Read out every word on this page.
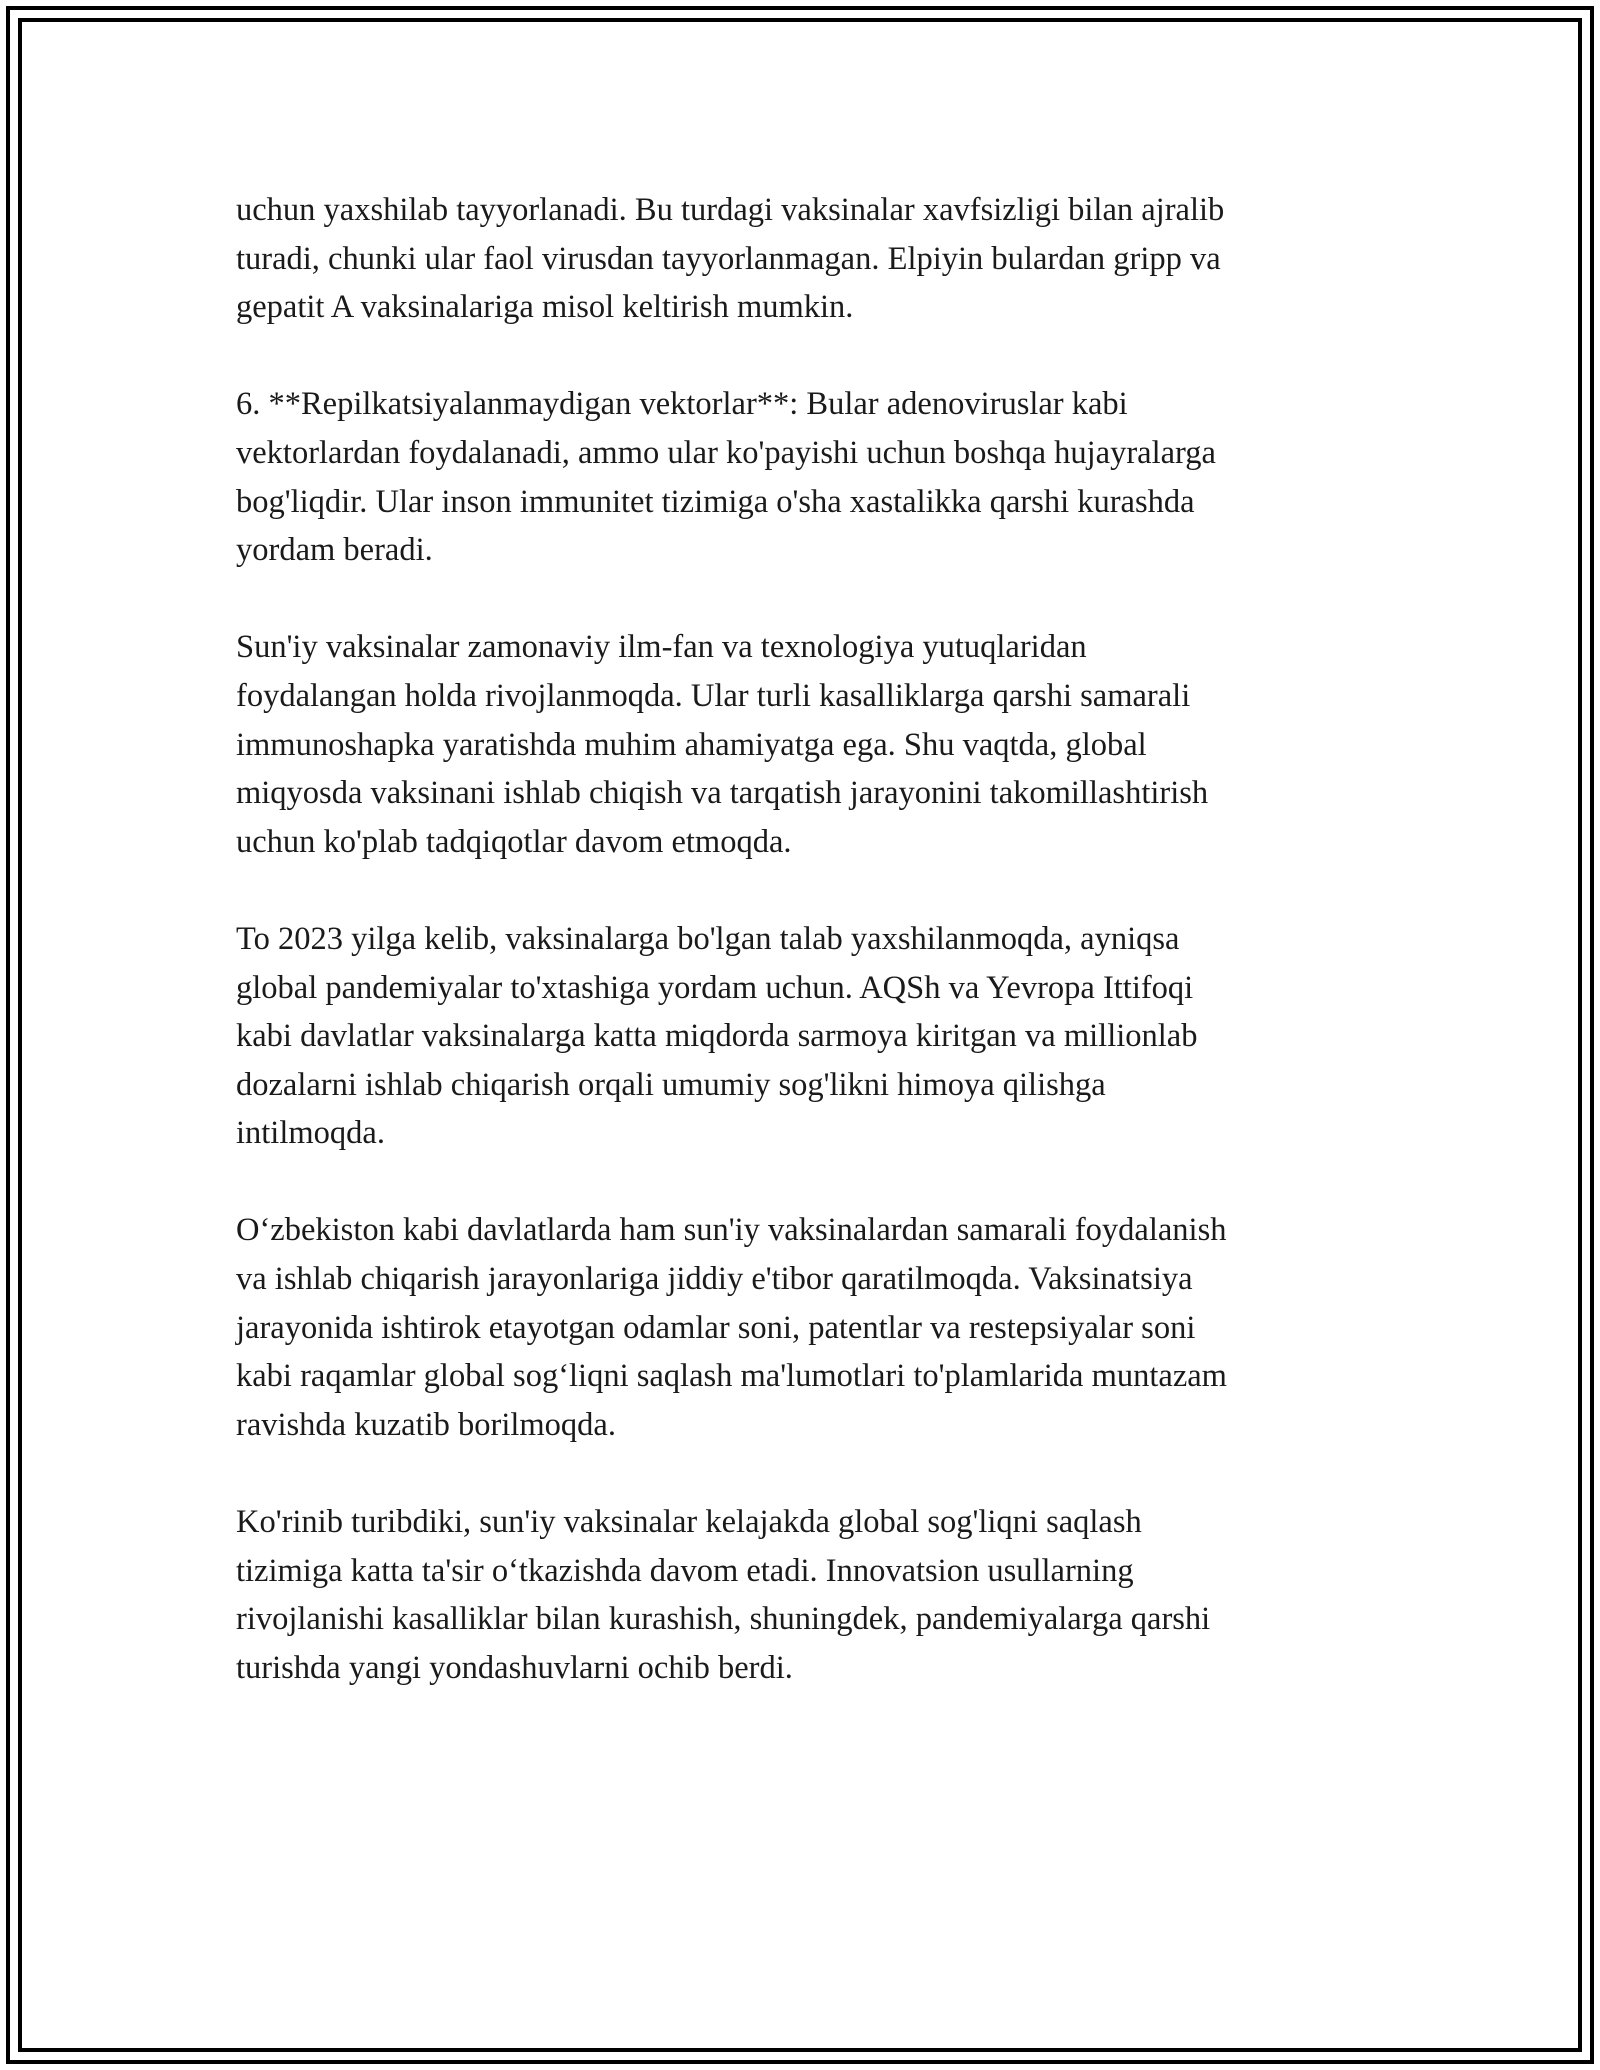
uchun yaxshilab tayyorlanadi. Bu turdagi vaksinalar xavfsizligi bilan ajralib
turadi, chunki ular faol virusdan tayyorlanmagan. Elpiyin bulardan gripp va
gepatit A vaksinalariga misol keltirish mumkin.

6. **Repilkatsiyalanmaydigan vektorlar**: Bular adenoviruslar kabi
vektorlardan foydalanadi, ammo ular ko'payishi uchun boshqa hujayralarga
bog'liqdir. Ular inson immunitet tizimiga o'sha xastalikka qarshi kurashda
yordam beradi.

Sun'iy vaksinalar zamonaviy ilm-fan va texnologiya yutuqlaridan
foydalangan holda rivojlanmoqda. Ular turli kasalliklarga qarshi samarali
immunoshapka yaratishda muhim ahamiyatga ega. Shu vaqtda, global
miqyosda vaksinani ishlab chiqish va tarqatish jarayonini takomillashtirish
uchun ko'plab tadqiqotlar davom etmoqda.

To 2023 yilga kelib, vaksinalarga bo'lgan talab yaxshilanmoqda, ayniqsa
global pandemiyalar to'xtashiga yordam uchun. AQSh va Yevropa Ittifoqi
kabi davlatlar vaksinalarga katta miqdorda sarmoya kiritgan va millionlab
dozalarni ishlab chiqarish orqali umumiy sog'likni himoya qilishga
intilmoqda.

O‘zbekiston kabi davlatlarda ham sun'iy vaksinalardan samarali foydalanish
va ishlab chiqarish jarayonlariga jiddiy e'tibor qaratilmoqda. Vaksinatsiya
jarayonida ishtirok etayotgan odamlar soni, patentlar va restepsiyalar soni
kabi raqamlar global sog‘liqni saqlash ma'lumotlari to'plamlarida muntazam
ravishda kuzatib borilmoqda.

Ko'rinib turibdiki, sun'iy vaksinalar kelajakda global sog'liqni saqlash
tizimiga katta ta'sir o‘tkazishda davom etadi. Innovatsion usullarning
rivojlanishi kasalliklar bilan kurashish, shuningdek, pandemiyalarga qarshi
turishda yangi yondashuvlarni ochib berdi.
